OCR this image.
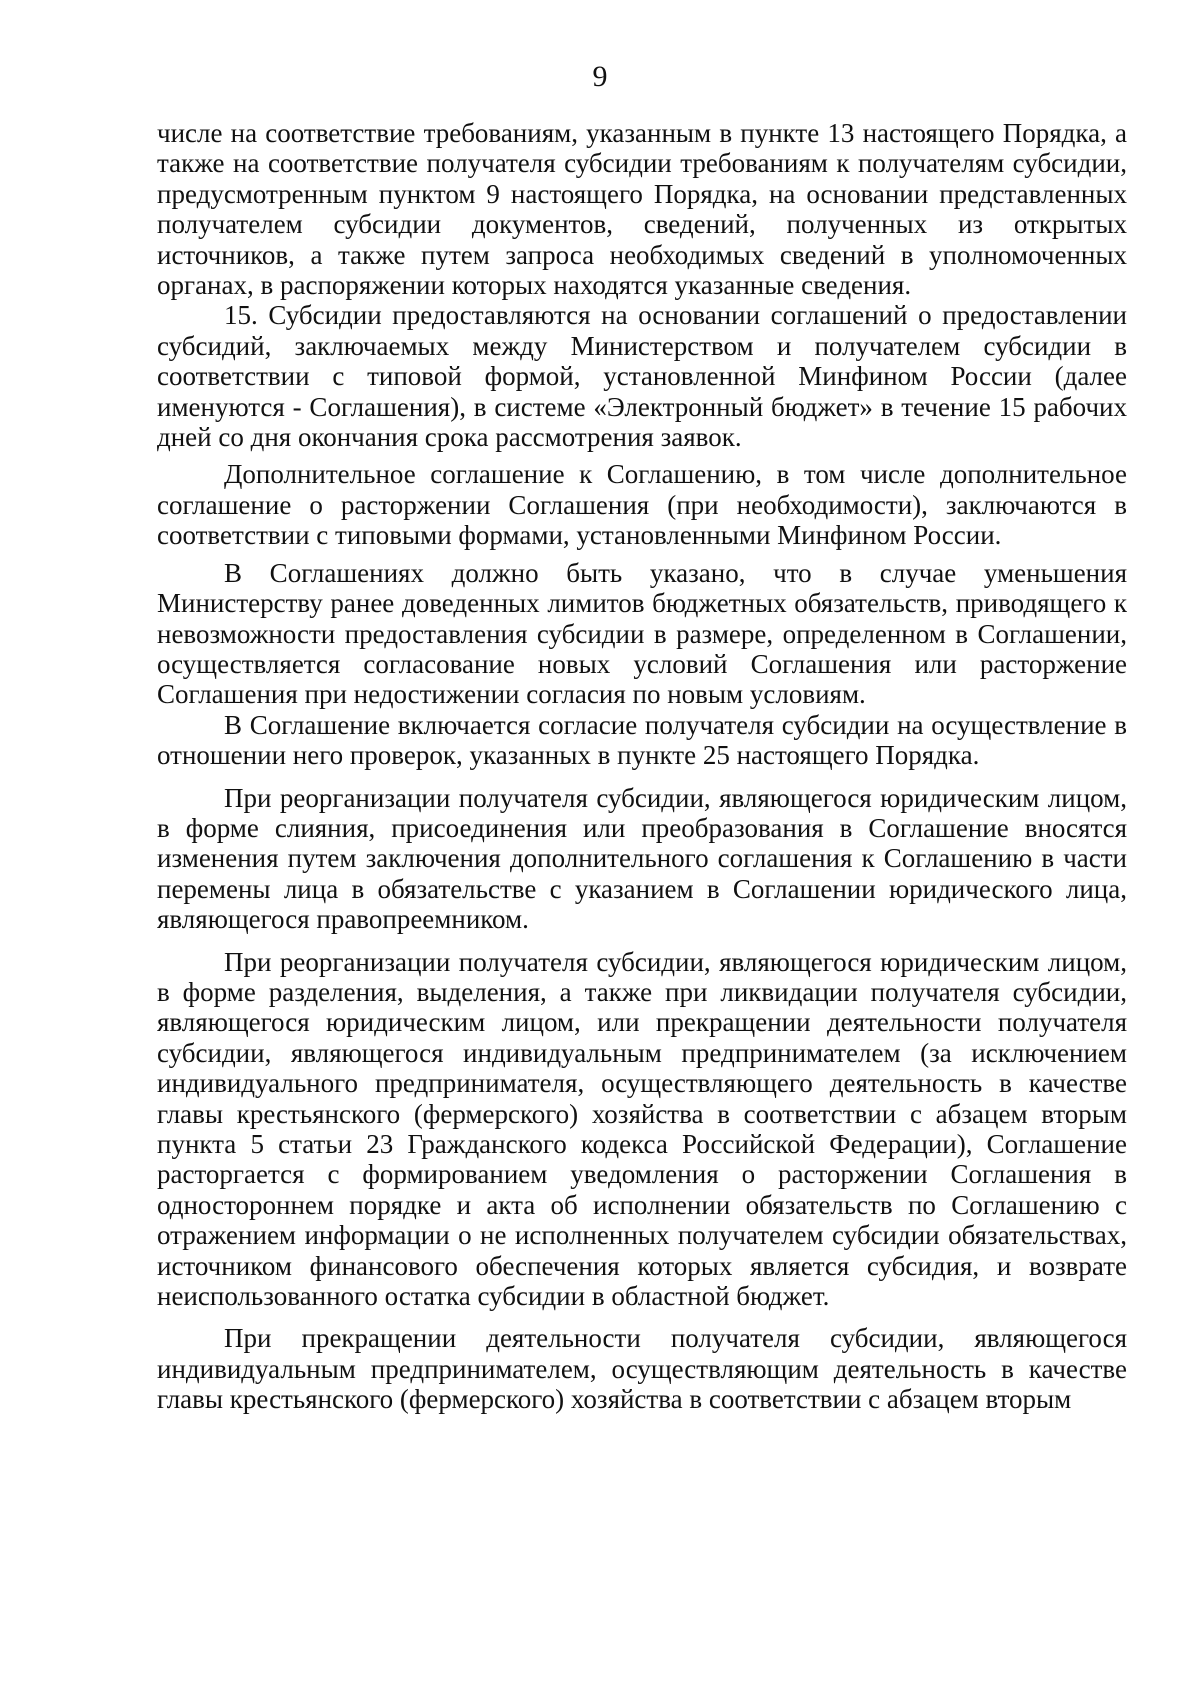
9

числе на соответствие требованиям, указанным в пункте 13 настоящего Порядка, а также на соответствие получателя субсидии требованиям к получателям субсидии, предусмотренным пунктом 9 настоящего Порядка, на основании представленных получателем субсидии документов, сведений, полученных из открытых источников, а также путем запроса необходимых сведений в уполномоченных органах, в распоряжении которых находятся указанные сведения.

15. Субсидии предоставляются на основании соглашений о предоставлении субсидий, заключаемых между Министерством и получателем субсидии в соответствии с типовой формой, установленной Минфином России (далее именуются - Соглашения), в системе «Электронный бюджет» в течение 15 рабочих дней со дня окончания срока рассмотрения заявок.

Дополнительное соглашение к Соглашению, в том числе дополнительное соглашение о расторжении Соглашения (при необходимости), заключаются в соответствии с типовыми формами, установленными Минфином России.

В Соглашениях должно быть указано, что в случае уменьшения Министерству ранее доведенных лимитов бюджетных обязательств, приводящего к невозможности предоставления субсидии в размере, определенном в Соглашении, осуществляется согласование новых условий Соглашения или расторжение Соглашения при недостижении согласия по новым условиям.

В Соглашение включается согласие получателя субсидии на осуществление в отношении него проверок, указанных в пункте 25 настоящего Порядка.

При реорганизации получателя субсидии, являющегося юридическим лицом, в форме слияния, присоединения или преобразования в Соглашение вносятся изменения путем заключения дополнительного соглашения к Соглашению в части перемены лица в обязательстве с указанием в Соглашении юридического лица, являющегося правопреемником.

При реорганизации получателя субсидии, являющегося юридическим лицом, в форме разделения, выделения, а также при ликвидации получателя субсидии, являющегося юридическим лицом, или прекращении деятельности получателя субсидии, являющегося индивидуальным предпринимателем (за исключением индивидуального предпринимателя, осуществляющего деятельность в качестве главы крестьянского (фермерского) хозяйства в соответствии с абзацем вторым пункта 5 статьи 23 Гражданского кодекса Российской Федерации), Соглашение расторгается с формированием уведомления о расторжении Соглашения в одностороннем порядке и акта об исполнении обязательств по Соглашению с отражением информации о не исполненных получателем субсидии обязательствах, источником финансового обеспечения которых является субсидия, и возврате неиспользованного остатка субсидии в областной бюджет.

При прекращении деятельности получателя субсидии, являющегося индивидуальным предпринимателем, осуществляющим деятельность в качестве главы крестьянского (фермерского) хозяйства в соответствии с абзацем вторым
